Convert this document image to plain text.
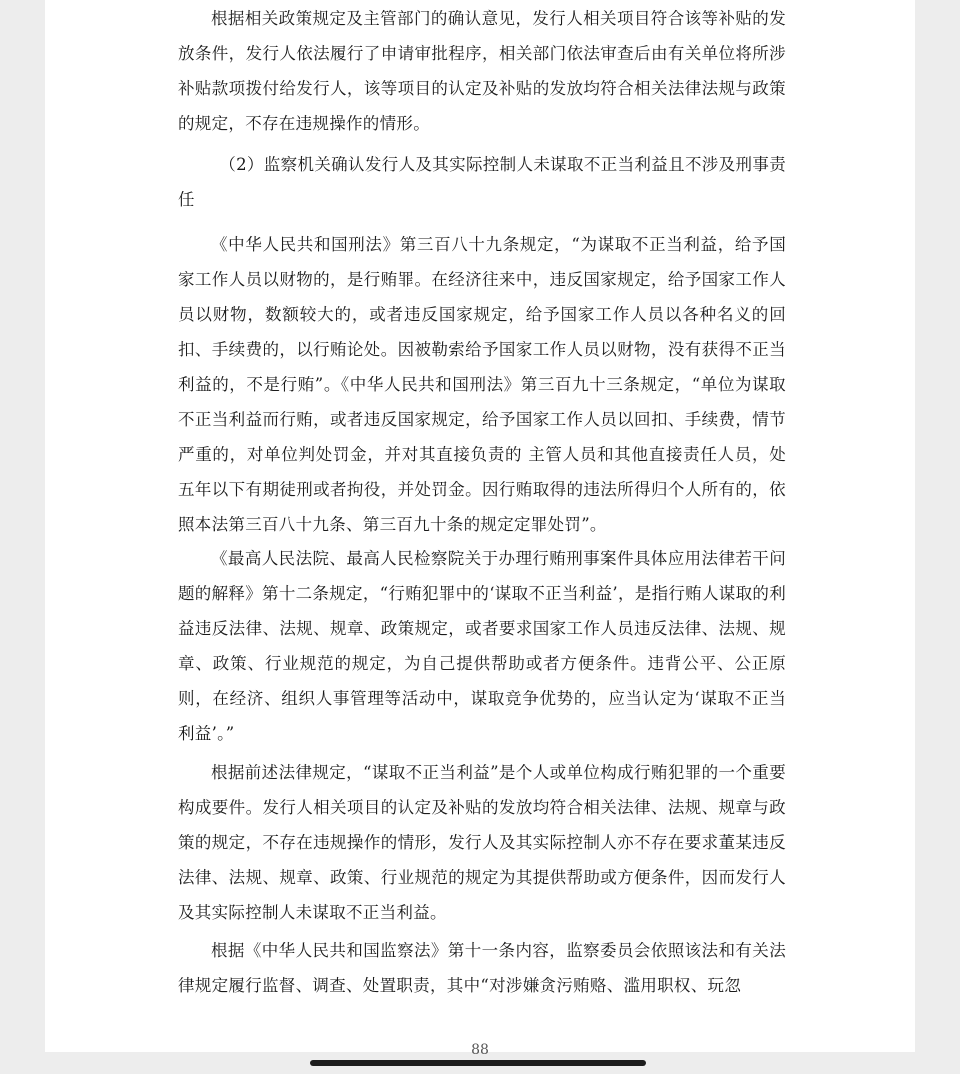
根据相关政策规定及主管部门的确认意见，发行人相关项目符合该等补贴的发放条件，发行人依法履行了申请审批程序，相关部门依法审查后由有关单位将所涉补贴款项拨付给发行人，该等项目的认定及补贴的发放均符合相关法律法规与政策的规定，不存在违规操作的情形。

（2）监察机关确认发行人及其实际控制人未谋取不正当利益且不涉及刑事责任

《中华人民共和国刑法》第三百八十九条规定，“为谋取不正当利益，给予国家工作人员以财物的，是行贿罪。在经济往来中，违反国家规定，给予国家工作人员以财物，数额较大的，或者违反国家规定，给予国家工作人员以各种名义的回扣、手续费的，以行贿论处。因被勒索给予国家工作人员以财物，没有获得不正当利益的，不是行贿”。《中华人民共和国刑法》第三百九十三条规定，“单位为谋取不正当利益而行贿，或者违反国家规定，给予国家工作人员以回扣、手续费，情节严重的，对单位判处罚金，并对其直接负责的 主管人员和其他直接责任人员，处五年以下有期徒刑或者拘役，并处罚金。因行贿取得的违法所得归个人所有的，依照本法第三百八十九条、第三百九十条的规定定罪处罚”。

《最高人民法院、最高人民检察院关于办理行贿刑事案件具体应用法律若干问题的解释》第十二条规定，“行贿犯罪中的‘谋取不正当利益’，是指行贿人谋取的利益违反法律、法规、规章、政策规定，或者要求国家工作人员违反法律、法规、规章、政策、行业规范的规定，为自己提供帮助或者方便条件。违背公平、公正原则，在经济、组织人事管理等活动中，谋取竞争优势的，应当认定为‘谋取不正当利益’。”

根据前述法律规定，“谋取不正当利益”是个人或单位构成行贿犯罪的一个重要构成要件。发行人相关项目的认定及补贴的发放均符合相关法律、法规、规章与政策的规定，不存在违规操作的情形，发行人及其实际控制人亦不存在要求董某违反法律、法规、规章、政策、行业规范的规定为其提供帮助或方便条件，因而发行人及其实际控制人未谋取不正当利益。

根据《中华人民共和国监察法》第十一条内容，监察委员会依照该法和有关法律规定履行监督、调查、处置职责，其中“对涉嫌贪污贿赂、滥用职权、玩忽

88
